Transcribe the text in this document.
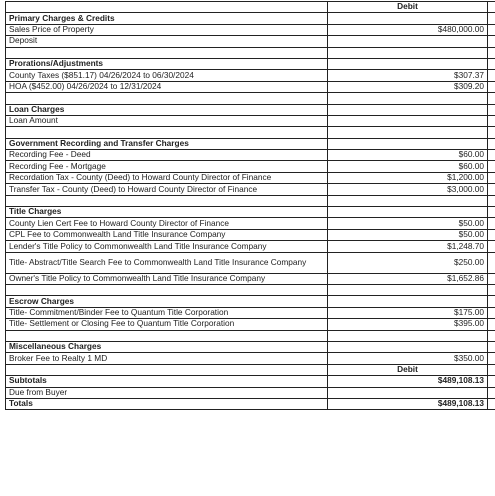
	Debit	
Primary Charges & Credits		
Sales Price of Property	$480,000.00	
Deposit		

Prorations/Adjustments		
County Taxes ($851.17) 04/26/2024 to 06/30/2024	$307.37	
HOA ($452.00) 04/26/2024 to 12/31/2024	$309.20	

Loan Charges		
Loan Amount		

Government Recording and Transfer Charges		
Recording Fee - Deed	$60.00	
Recording Fee - Mortgage	$60.00	
Recordation Tax - County (Deed) to Howard County Director of Finance	$1,200.00	
Transfer Tax - County (Deed) to Howard County Director of Finance	$3,000.00	

Title Charges		
County Lien Cert Fee to Howard County Director of Finance	$50.00	
CPL Fee to Commonwealth Land Title Insurance Company	$50.00	
Lender's Title Policy to Commonwealth Land Title Insurance Company	$1,248.70	
Title- Abstract/Title Search Fee to Commonwealth Land Title Insurance Company	$250.00	
Owner's Title Policy to Commonwealth Land Title Insurance Company	$1,652.86	

Escrow Charges		
Title- Commitment/Binder Fee to Quantum Title Corporation	$175.00	
Title- Settlement or Closing Fee to Quantum Title Corporation	$395.00	

Miscellaneous Charges		
Broker Fee to Realty 1 MD	$350.00	
	Debit	
Subtotals	$489,108.13	
Due from Buyer		
Totals	$489,108.13	
